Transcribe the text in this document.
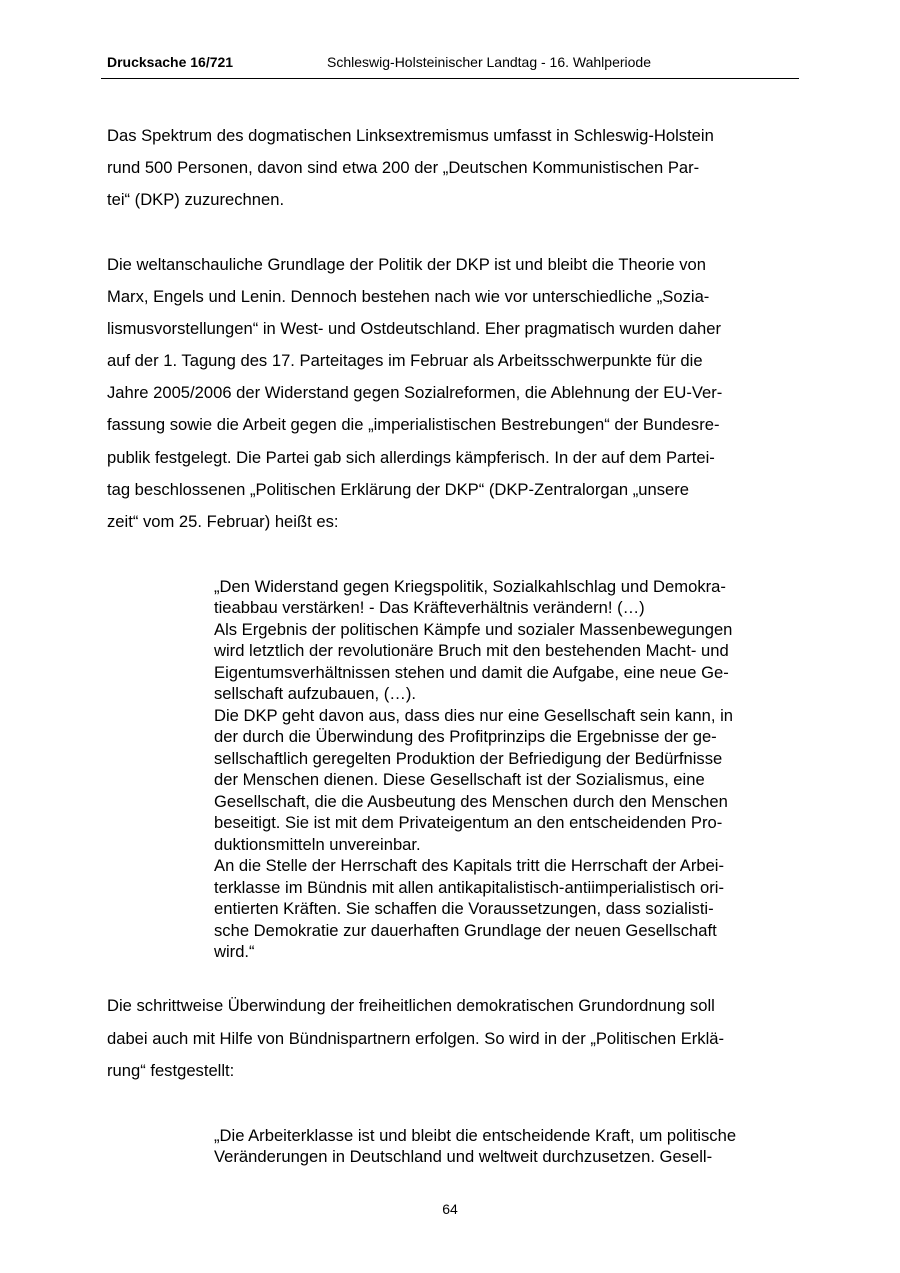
Drucksache 16/721	Schleswig-Holsteinischer Landtag - 16. Wahlperiode
Das Spektrum des dogmatischen Linksextremismus umfasst in Schleswig-Holstein
rund 500 Personen, davon sind etwa 200 der „Deutschen Kommunistischen Par-
tei“ (DKP) zuzurechnen.
Die weltanschauliche Grundlage der Politik der DKP ist und bleibt die Theorie von
Marx, Engels und Lenin. Dennoch bestehen nach wie vor unterschiedliche „Sozia-
lismusvorstellungen“ in West- und Ostdeutschland. Eher pragmatisch wurden daher
auf der 1. Tagung des 17. Parteitages im Februar als Arbeitsschwerpunkte für die
Jahre 2005/2006 der Widerstand gegen Sozialreformen, die Ablehnung der EU-Ver-
fassung sowie die Arbeit gegen die „imperialistischen Bestrebungen“ der Bundesre-
publik festgelegt. Die Partei gab sich allerdings kämpferisch. In der auf dem Partei-
tag beschlossenen „Politischen Erklärung der DKP“ (DKP-Zentralorgan „unsere
zeit“ vom 25. Februar) heißt es:
„Den Widerstand gegen Kriegspolitik, Sozialkahlschlag und Demokra-
tieabbau verstärken! - Das Kräfteverhältnis verändern! (…)
Als Ergebnis der politischen Kämpfe und sozialer Massenbewegungen
wird letztlich der revolutionäre Bruch mit den bestehenden Macht- und
Eigentumsverhältnissen stehen und damit die Aufgabe, eine neue Ge-
sellschaft aufzubauen, (…).
Die DKP geht davon aus, dass dies nur eine Gesellschaft sein kann, in
der durch die Überwindung des Profitprinzips die Ergebnisse der ge-
sellschaftlich geregelten Produktion der Befriedigung der Bedürfnisse
der Menschen dienen. Diese Gesellschaft ist der Sozialismus, eine
Gesellschaft, die die Ausbeutung des Menschen durch den Menschen
beseitigt. Sie ist mit dem Privateigentum an den entscheidenden Pro-
duktionsmitteln unvereinbar.
An die Stelle der Herrschaft des Kapitals tritt die Herrschaft der Arbei-
terklasse im Bündnis mit allen antikapitalistisch-antiimperialistisch ori-
entierten Kräften. Sie schaffen die Voraussetzungen, dass sozialisti-
sche Demokratie zur dauerhaften Grundlage der neuen Gesellschaft
wird.“
Die schrittweise Überwindung der freiheitlichen demokratischen Grundordnung soll
dabei auch mit Hilfe von Bündnispartnern erfolgen. So wird in der „Politischen Erklä-
rung“ festgestellt:
„Die Arbeiterklasse ist und bleibt die entscheidende Kraft, um politische
Veränderungen in Deutschland und weltweit durchzusetzen. Gesell-
64
